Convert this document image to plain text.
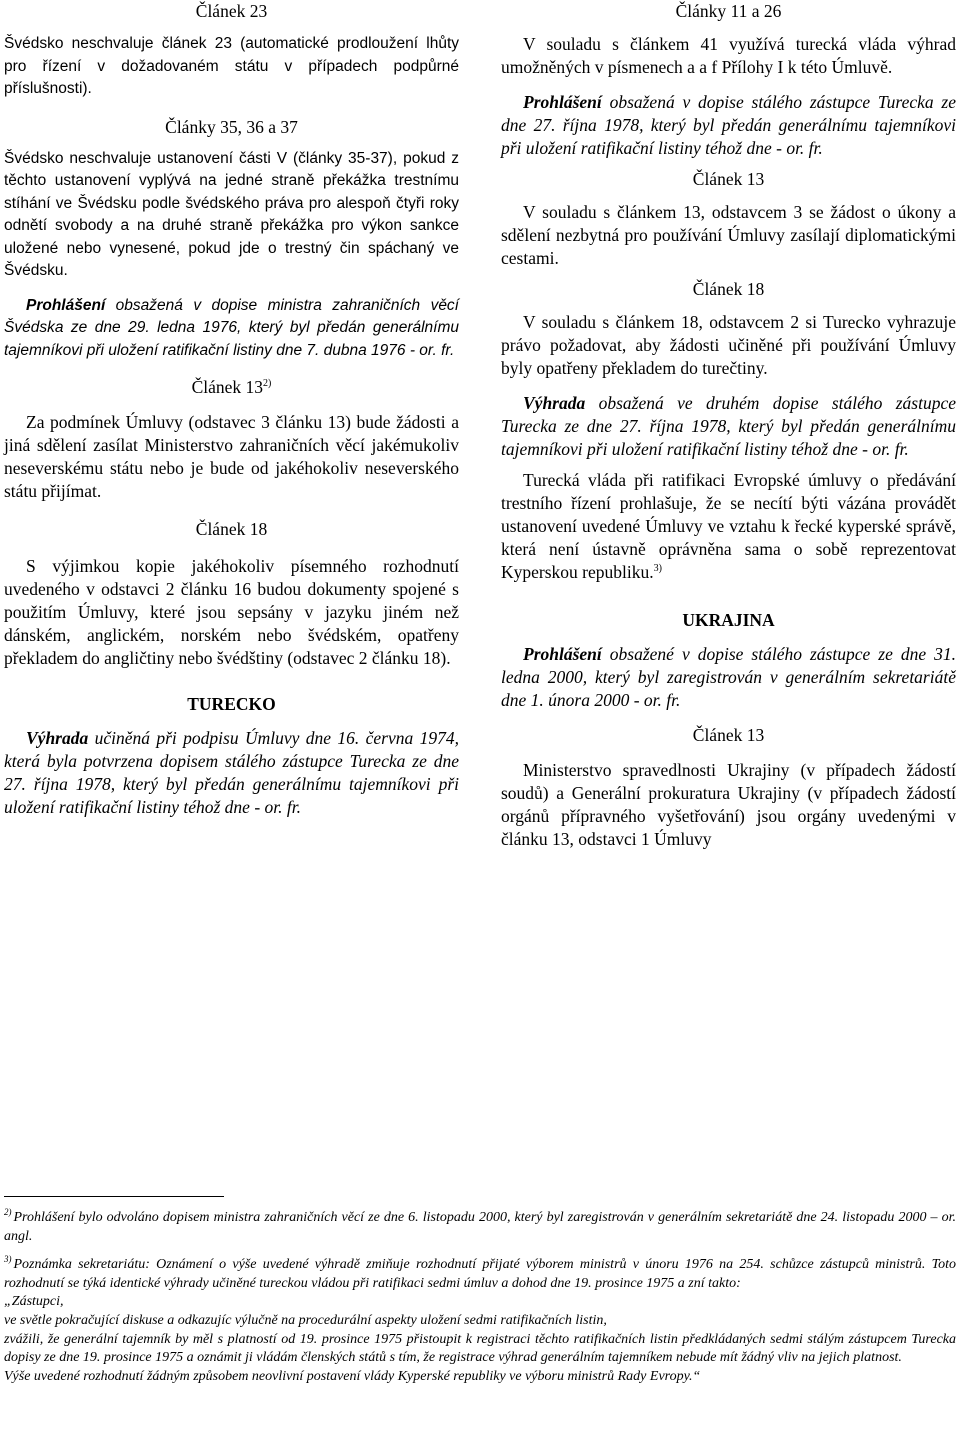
Článek 23

Švédsko neschvaluje článek 23 (automatické prodloužení lhůty pro řízení v dožadovaném státu v případech podpůrné příslušnosti).

Články 35, 36 a 37

Švédsko neschvaluje ustanovení části V (články 35-37), pokud z těchto ustanovení vyplývá na jedné straně překážka trestnímu stíhání ve Švédsku podle švédského práva pro alespoň čtyři roky odnětí svobody a na druhé straně překážka pro výkon sankce uložené nebo vynesené, pokud jde o trestný čin spáchaný ve Švédsku.

Prohlášení obsažená v dopise ministra zahraničních věcí Švédska ze dne 29. ledna 1976, který byl předán generálnímu tajemníkovi při uložení ratifikační listiny dne 7. dubna 1976 - or. fr.

Článek 13$^{2)}$

Za podmínek Úmluvy (odstavec 3 článku 13) bude žádosti a jiná sdělení zasílat Ministerstvo zahraničních věcí jakémukoliv neseverskému státu nebo je bude od jakéhokoliv neseverského státu přijímat.

Článek 18

S výjimkou kopie jakéhokoliv písemného rozhodnutí uvedeného v odstavci 2 článku 16 budou dokumenty spojené s použitím Úmluvy, které jsou sepsány v jazyku jiném než dánském, anglickém, norském nebo švédském, opatřeny překladem do angličtiny nebo švédštiny (odstavec 2 článku 18).

TURECKO

Výhrada učiněná při podpisu Úmluvy dne 16. června 1974, která byla potvrzena dopisem stálého zástupce Turecka ze dne 27. října 1978, který byl předán generálnímu tajemníkovi při uložení ratifikační listiny téhož dne - or. fr.

Články 11 a 26

V souladu s článkem 41 využívá turecká vláda výhrad umožněných v písmenech a a f Přílohy I k této Úmluvě.

Prohlášení obsažená v dopise stálého zástupce Turecka ze dne 27. října 1978, který byl předán generálnímu tajemníkovi při uložení ratifikační listiny téhož dne - or. fr.

Článek 13

V souladu s článkem 13, odstavcem 3 se žádost o úkony a sdělení nezbytná pro používání Úmluvy zasílají diplomatickými cestami.

Článek 18

V souladu s článkem 18, odstavcem 2 si Turecko vyhrazuje právo požadovat, aby žádosti učiněné při používání Úmluvy byly opatřeny překladem do turečtiny.

Výhrada obsažená ve druhém dopise stálého zástupce Turecka ze dne 27. října 1978, který byl předán generálnímu tajemníkovi při uložení ratifikační listiny téhož dne - or. fr.

Turecká vláda při ratifikaci Evropské úmluvy o předávání trestního řízení prohlašuje, že se necítí býti vázána provádět ustanovení uvedené Úmluvy ve vztahu k řecké kyperské správě, která není ústavně oprávněna sama o sobě reprezentovat Kyperskou republiku.$^{3)}$

UKRAJINA

Prohlášení obsažené v dopise stálého zástupce ze dne 31. ledna 2000, který byl zaregistrován v generálním sekretariátě dne 1. února 2000 - or. fr.

Článek 13

Ministerstvo spravedlnosti Ukrajiny (v případech žádostí soudů) a Generální prokuratura Ukrajiny (v případech žádostí orgánů přípravného vyšetřování) jsou orgány uvedenými v článku 13, odstavci 1 Úmluvy

$^{2)}$ Prohlášení bylo odvoláno dopisem ministra zahraničních věcí ze dne 6. listopadu 2000, který byl zaregistrován v generálním sekretariátě dne 24. listopadu 2000 – or. angl.

$^{3)}$ Poznámka sekretariátu: Oznámení o výše uvedené výhradě zmiňuje rozhodnutí přijaté výborem ministrů v únoru 1976 na 254. schůzce zástupců ministrů. Toto rozhodnutí se týká identické výhrady učiněné tureckou vládou při ratifikaci sedmi úmluv a dohod dne 19. prosince 1975 a zní takto:

„Zástupci,

ve světle pokračující diskuse a odkazujíc výlučně na procedurální aspekty uložení sedmi ratifikačních listin,

zvážili, že generální tajemník by měl s platností od 19. prosince 1975 přistoupit k registraci těchto ratifikačních listin předkládaných sedmi stálým zástupcem Turecka dopisy ze dne 19. prosince 1975 a oznámit ji vládám členských států s tím, že registrace výhrad generálním tajemníkem nebude mít žádný vliv na jejich platnost.

Výše uvedené rozhodnutí žádným způsobem neovlivní postavení vlády Kyperské republiky ve výboru ministrů Rady Evropy.“
